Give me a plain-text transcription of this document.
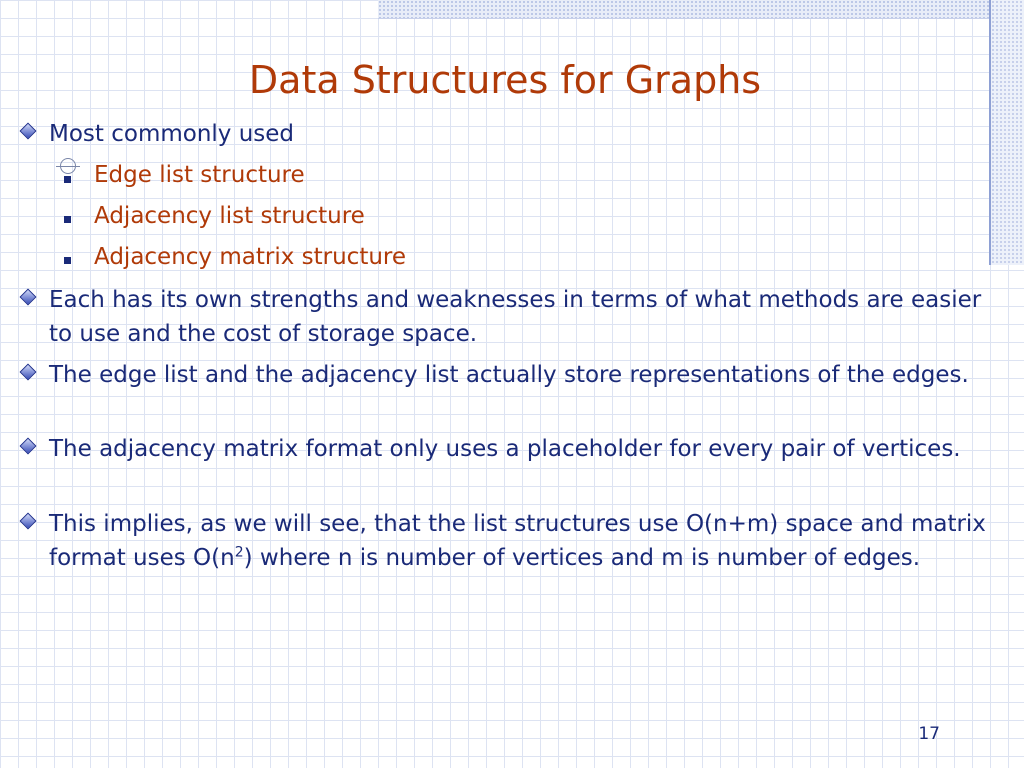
Data Structures for Graphs
Most commonly used
Edge list structure
Adjacency list structure
Adjacency matrix structure
Each has its own strengths and weaknesses in terms of what methods are easier to use and the cost of storage space.
The edge list and the adjacency list actually store representations of the edges.
The adjacency matrix format only uses a placeholder for every pair of vertices.
This implies, as we will see, that the list structures use O(n+m) space and matrix format uses $O(n^2)$ where n is number of vertices and m is number of edges.
17
